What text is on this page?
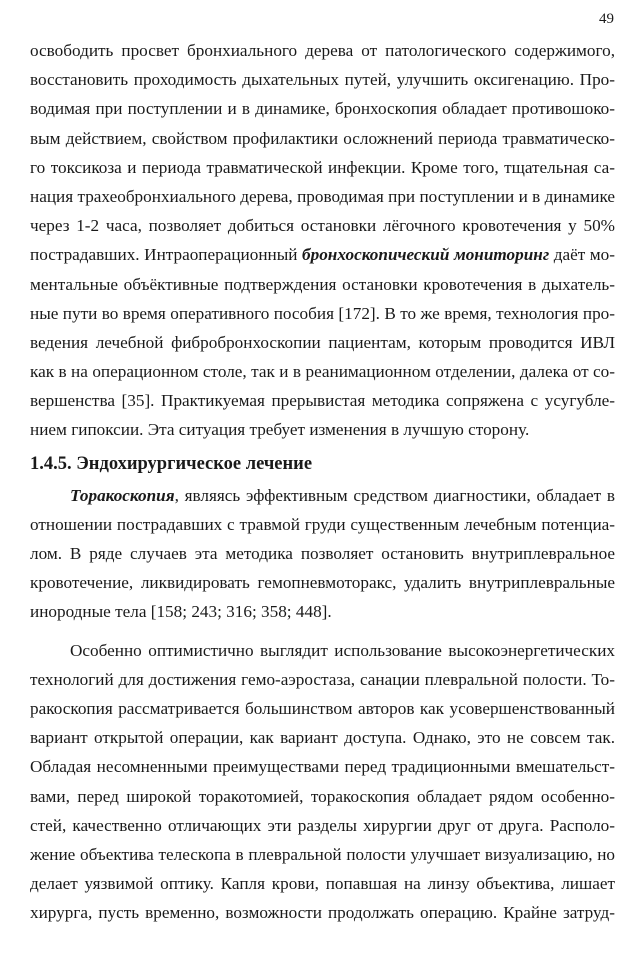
49
освободить просвет бронхиального дерева от патологического содержимого,
восстановить проходимость дыхательных путей, улучшить оксигенацию. Про-
водимая при поступлении и в динамике, бронхоскопия обладает противошоко-
вым действием, свойством профилактики осложнений периода травматическо-
го токсикоза и периода травматической инфекции. Кроме того, тщательная са-
нация трахеобронхиального дерева, проводимая при поступлении и в динамике
через 1-2 часа, позволяет добиться остановки лёгочного кровотечения у 50%
пострадавших. Интраоперационный бронхоскопический мониторинг даёт мо-
ментальные объёктивные подтверждения остановки кровотечения в дыхатель-
ные пути во время оперативного пособия [172]. В то же время, технология про-
ведения лечебной фибробронхоскопии пациентам, которым проводится ИВЛ
как в на операционном столе, так и в реанимационном отделении, далека от со-
вершенства [35]. Практикуемая прерывистая методика сопряжена с усугубле-
нием гипоксии. Эта ситуация требует изменения в лучшую сторону.
1.4.5. Эндохирургическое лечение
Торакоскопия, являясь эффективным средством диагностики, обладает в
отношении пострадавших с травмой груди существенным лечебным потенциа-
лом. В ряде случаев эта методика позволяет остановить внутриплевральное
кровотечение, ликвидировать гемопневмоторакс, удалить внутриплевральные
инородные тела [158; 243; 316; 358; 448].
Особенно оптимистично выглядит использование высокоэнергетических
технологий для достижения гемо-аэростаза, санации плевральной полости. То-
ракоскопия рассматривается большинством авторов как усовершенствованный
вариант открытой операции, как вариант доступа. Однако, это не совсем так.
Обладая несомненными преимуществами перед традиционными вмешательст-
вами, перед широкой торакотомией, торакоскопия обладает рядом особенно-
стей, качественно отличающих эти разделы хирургии друг от друга. Располо-
жение объектива телескопа в плевральной полости улучшает визуализацию, но
делает уязвимой оптику. Капля крови, попавшая на линзу объектива, лишает
хирурга, пусть временно, возможности продолжать операцию. Крайне затруд-
